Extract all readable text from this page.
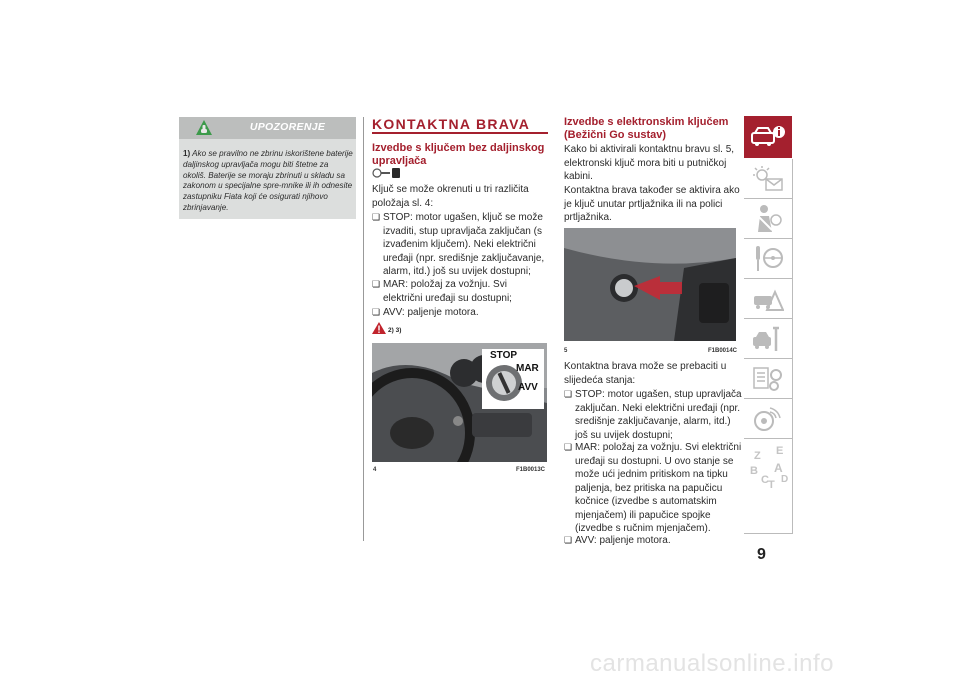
UPOZORENJE
1) Ako se pravilno ne zbrinu iskorištene baterije daljinskog upravljača mogu biti štetne za okoliš. Baterije se moraju zbrinuti u skladu sa zakonom u specijalne spre-mnike ili ih odnesite zastupniku Fiata koji će osigurati njihovo zbrinjavanje.
KONTAKTNA BRAVA
Izvedbe s ključem bez daljinskog upravljača
Ključ se može okrenuti u tri različita položaja sl. 4:
❏ STOP: motor ugašen, ključ se može izvaditi, stup upravljača zaključan (s izvađenim ključem). Neki električni uređaji (npr. središnje zaključavanje, alarm, itd.) još su uvijek dostupni;
❏ MAR: položaj za vožnju. Svi električni uređaji su dostupni;
❏ AVV: paljenje motora.
2) 3)
STOP
MAR
AVV
4	F1B0013C
Izvedbe s elektronskim ključem (Bežični Go sustav)
Kako bi aktivirali kontaktnu bravu sl. 5, elektronski ključ mora biti u putničkoj kabini.
Kontaktna brava također se aktivira ako je ključ unutar prtljažnika ili na polici prtljažnika.
5	F1B0014C
Kontaktna brava može se prebaciti u slijedeća stanja:
❏ STOP: motor ugašen, stup upravljača zaključan. Neki električni uređaji (npr. središnje zaključavanje, alarm, itd.) još su uvijek dostupni;
❏ MAR: položaj za vožnju. Svi električni uređaji su dostupni. U ovo stanje se može ući jednim pritiskom na tipku paljenja, bez pritiska na papučicu kočnice (izvedbe s automatskim mjenjačem) ili papučice spojke (izvedbe s ručnim mjenjačem).
❏ AVV: paljenje motora.
Z E
B A
C T D
9
carmanualsonline.info
